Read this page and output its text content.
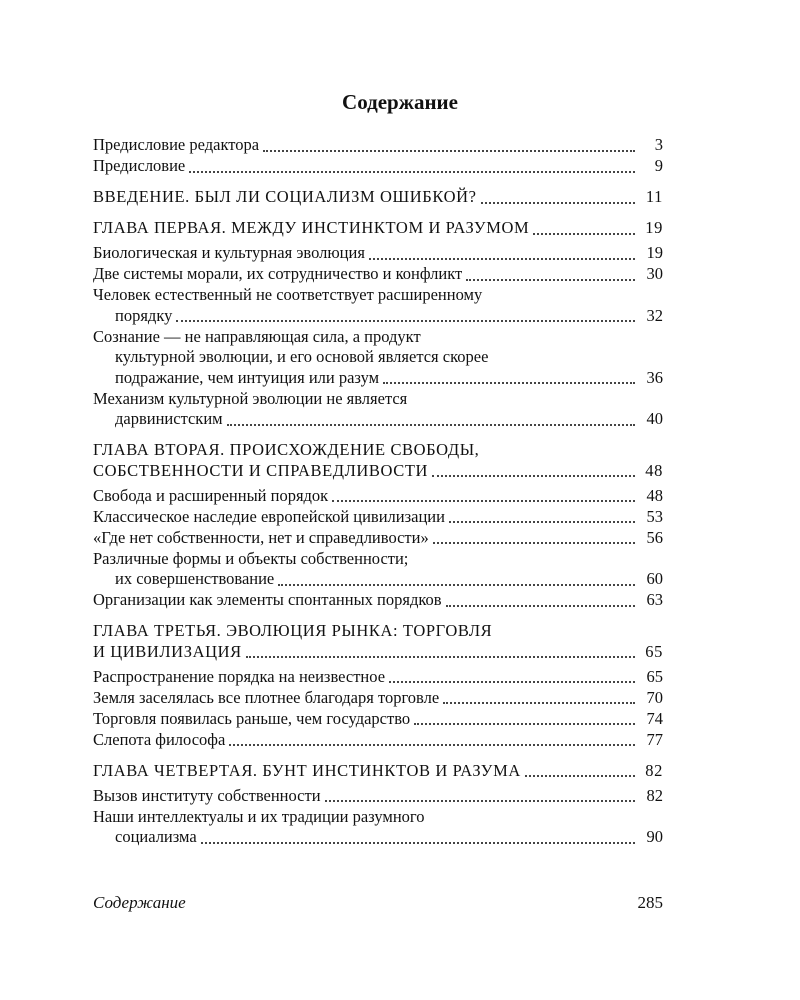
Содержание
Предисловие редактора	3
Предисловие	9
ВВЕДЕНИЕ. БЫЛ ЛИ СОЦИАЛИЗМ ОШИБКОЙ?	11
ГЛАВА ПЕРВАЯ. МЕЖДУ ИНСТИНКТОМ И РАЗУМОМ	19
Биологическая и культурная эволюция	19
Две системы морали, их сотрудничество и конфликт	30
Человек естественный не соответствует расширенному
порядку	32
Сознание — не направляющая сила, а продукт
культурной эволюции, и его основой является скорее
подражание, чем интуиция или разум	36
Механизм культурной эволюции не является
дарвинистским	40
ГЛАВА ВТОРАЯ. ПРОИСХОЖДЕНИЕ СВОБОДЫ,
СОБСТВЕННОСТИ И СПРАВЕДЛИВОСТИ	48
Свобода и расширенный порядок	48
Классическое наследие европейской цивилизации	53
«Где нет собственности, нет и справедливости»	56
Различные формы и объекты собственности;
их совершенствование	60
Организации как элементы спонтанных порядков	63
ГЛАВА ТРЕТЬЯ. ЭВОЛЮЦИЯ РЫНКА: ТОРГОВЛЯ
И ЦИВИЛИЗАЦИЯ	65
Распространение порядка на неизвестное	65
Земля заселялась все плотнее благодаря торговле	70
Торговля появилась раньше, чем государство	74
Слепота философа	77
ГЛАВА ЧЕТВЕРТАЯ. БУНТ ИНСТИНКТОВ И РАЗУМА	82
Вызов институту собственности	82
Наши интеллектуалы и их традиции разумного
социализма	90
Содержание	285
